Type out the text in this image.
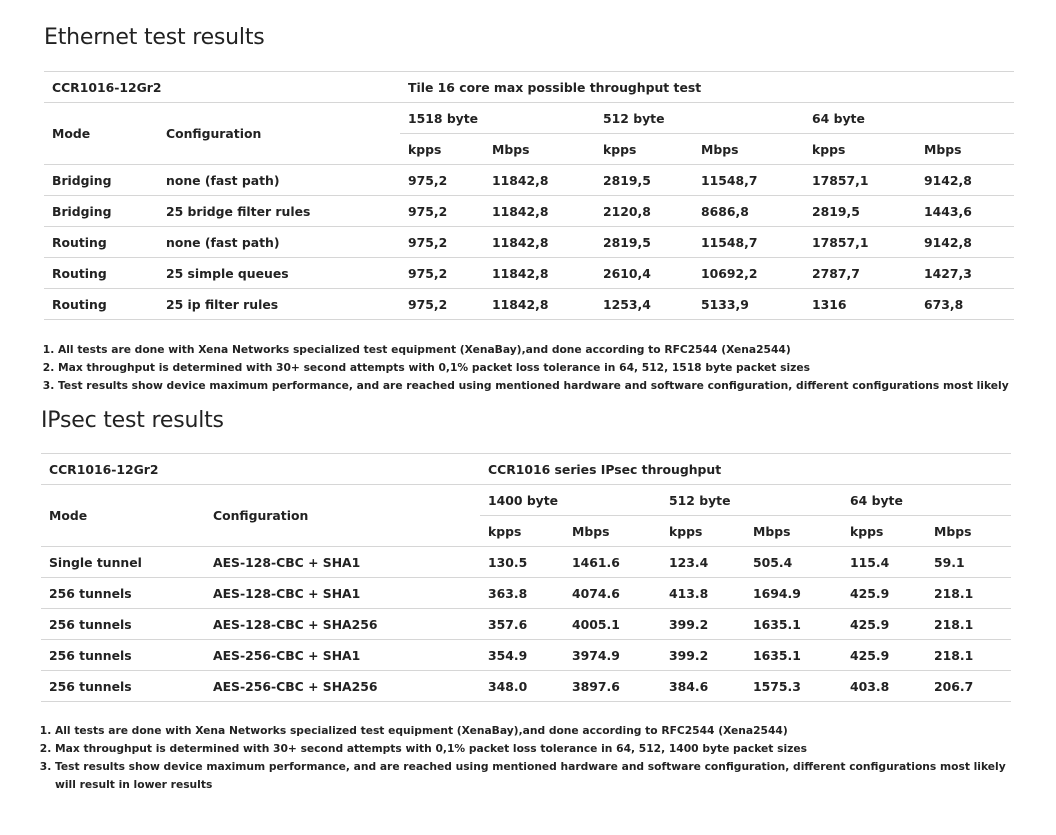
Ethernet test results
CCR1016-12Gr2		Tile 16 core max possible throughput test					
Mode	Configuration	1518 byte		512 byte		64 byte	
		kpps	Mbps	kpps	Mbps	kpps	Mbps
Bridging	none (fast path)	975,2	11842,8	2819,5	11548,7	17857,1	9142,8
Bridging	25 bridge filter rules	975,2	11842,8	2120,8	8686,8	2819,5	1443,6
Routing	none (fast path)	975,2	11842,8	2819,5	11548,7	17857,1	9142,8
Routing	25 simple queues	975,2	11842,8	2610,4	10692,2	2787,7	1427,3
Routing	25 ip filter rules	975,2	11842,8	1253,4	5133,9	1316	673,8
1. All tests are done with Xena Networks specialized test equipment (XenaBay),and done according to RFC2544 (Xena2544)
2. Max throughput is determined with 30+ second attempts with 0,1% packet loss tolerance in 64, 512, 1518 byte packet sizes
3. Test results show device maximum performance, and are reached using mentioned hardware and software configuration, different configurations most likely
IPsec test results
CCR1016-12Gr2		CCR1016 series IPsec throughput					
Mode	Configuration	1400 byte		512 byte		64 byte	
		kpps	Mbps	kpps	Mbps	kpps	Mbps
Single tunnel	AES-128-CBC + SHA1	130.5	1461.6	123.4	505.4	115.4	59.1
256 tunnels	AES-128-CBC + SHA1	363.8	4074.6	413.8	1694.9	425.9	218.1
256 tunnels	AES-128-CBC + SHA256	357.6	4005.1	399.2	1635.1	425.9	218.1
256 tunnels	AES-256-CBC + SHA1	354.9	3974.9	399.2	1635.1	425.9	218.1
256 tunnels	AES-256-CBC + SHA256	348.0	3897.6	384.6	1575.3	403.8	206.7
1. All tests are done with Xena Networks specialized test equipment (XenaBay),and done according to RFC2544 (Xena2544)
2. Max throughput is determined with 30+ second attempts with 0,1% packet loss tolerance in 64, 512, 1400 byte packet sizes
3. Test results show device maximum performance, and are reached using mentioned hardware and software configuration, different configurations most likely will result in lower results
